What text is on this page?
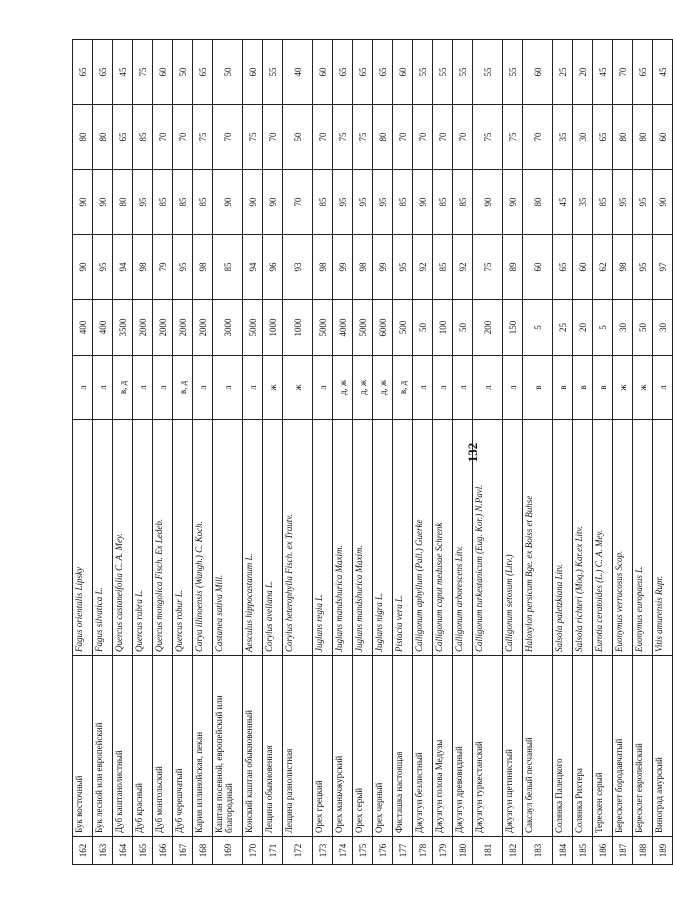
162	Бук восточный	Fagus orientalis Lipsky	л	400	90	90	80	65
163	Бук лесной или европейский	Fagus silvatica L.	л	400	95	90	80	65
164	Дуб каштанолистный	Quercus castaneifolia C. A. Mey.	в, д	3500	94	80	65	45
165	Дуб красный	Quercus rubra L.	л	2000	98	95	85	75
166	Дуб монгольский	Quercus mongolica Fisch. Ex Ledeb.	л	2000	79	85	70	60
167	Дуб черешчатый	Quercus robur L.	в, д	2000	95	85	70	50
168	Кария иллинойская, пекан	Carya illinoensis (Wangh.) C. Koch.	л	2000	98	85	75	65
169	Каштан посевной, европейский или благородный	Castanea sativa Mill.	л	3000	85	90	70	50
170	Конский каштан обыкновенный	Aesculus hippocastanum L.	л	5000	94	90	75	60
171	Лещина обыкновенная	Corylus avellana L.	ж	1000	96	90	70	55
172	Лещина разнолистная	Corylus heterophylla Fisch. ex Trautv.	ж	1000	93	70	50	40
173	Орех грецкий	Juglans regia L.	л	5000	98	85	70	60
174	Орех маньчжурский	Juglans mandshurica Maxim.	д, ж	4000	99	95	75	65
175	Орех серый	Juglans mandshurica Maxim.	д, ж	5000	98	95	75	65
176	Орех черный	Juglans nigra L.	д, ж	6000	99	95	80	65
177	Фисташка настоящая	Pistacia vera L.	в, д	500	95	85	70	60
178	Джузгун безлистный	Calligonum aphyllum (Pall.) Guerke	л	50	92	90	70	55
179	Джузгун голова Медузы	Calligonum caput medusae Schrenk	л	100	85	85	70	55
180	Джузгун древовидный	Calligonum arborescens Litv.	л	50	92	85	70	55
181	Джузгун туркестанский	Calligonum turkestanicum (Eug. Kor.) N.Pavl.	л	200	75	90	75	55
182	Джузгун щетинистый	Calligonum setosum (Litv.)	л	150	89	90	75	55
183	Саксаул белый песчаный	Haloxylon persicum Bge. ex Boiss et Buhse	в	5	60	80	70	60
184	Солянка Палецкого	Salsola paletzkiana Litv.	в	25	65	45	35	25
185	Солянка Рихтера	Salsola richteri (Moq.) Kar.ex Litv.	в	20	60	35	30	20
186	Терескен серый	Eurotia ceratoides (L.) C. A. Mey.	в	5	62	85	65	45
187	Бересклет бородавчатый	Euonymus verrucosus Scop.	ж	30	98	95	80	70
188	Бересклет европейский	Euonymus europaeus L.	ж	50	95	95	80	65
189	Виноград амурский	Vitis amurensis Rupr.	л	30	97	90	60	45
132
